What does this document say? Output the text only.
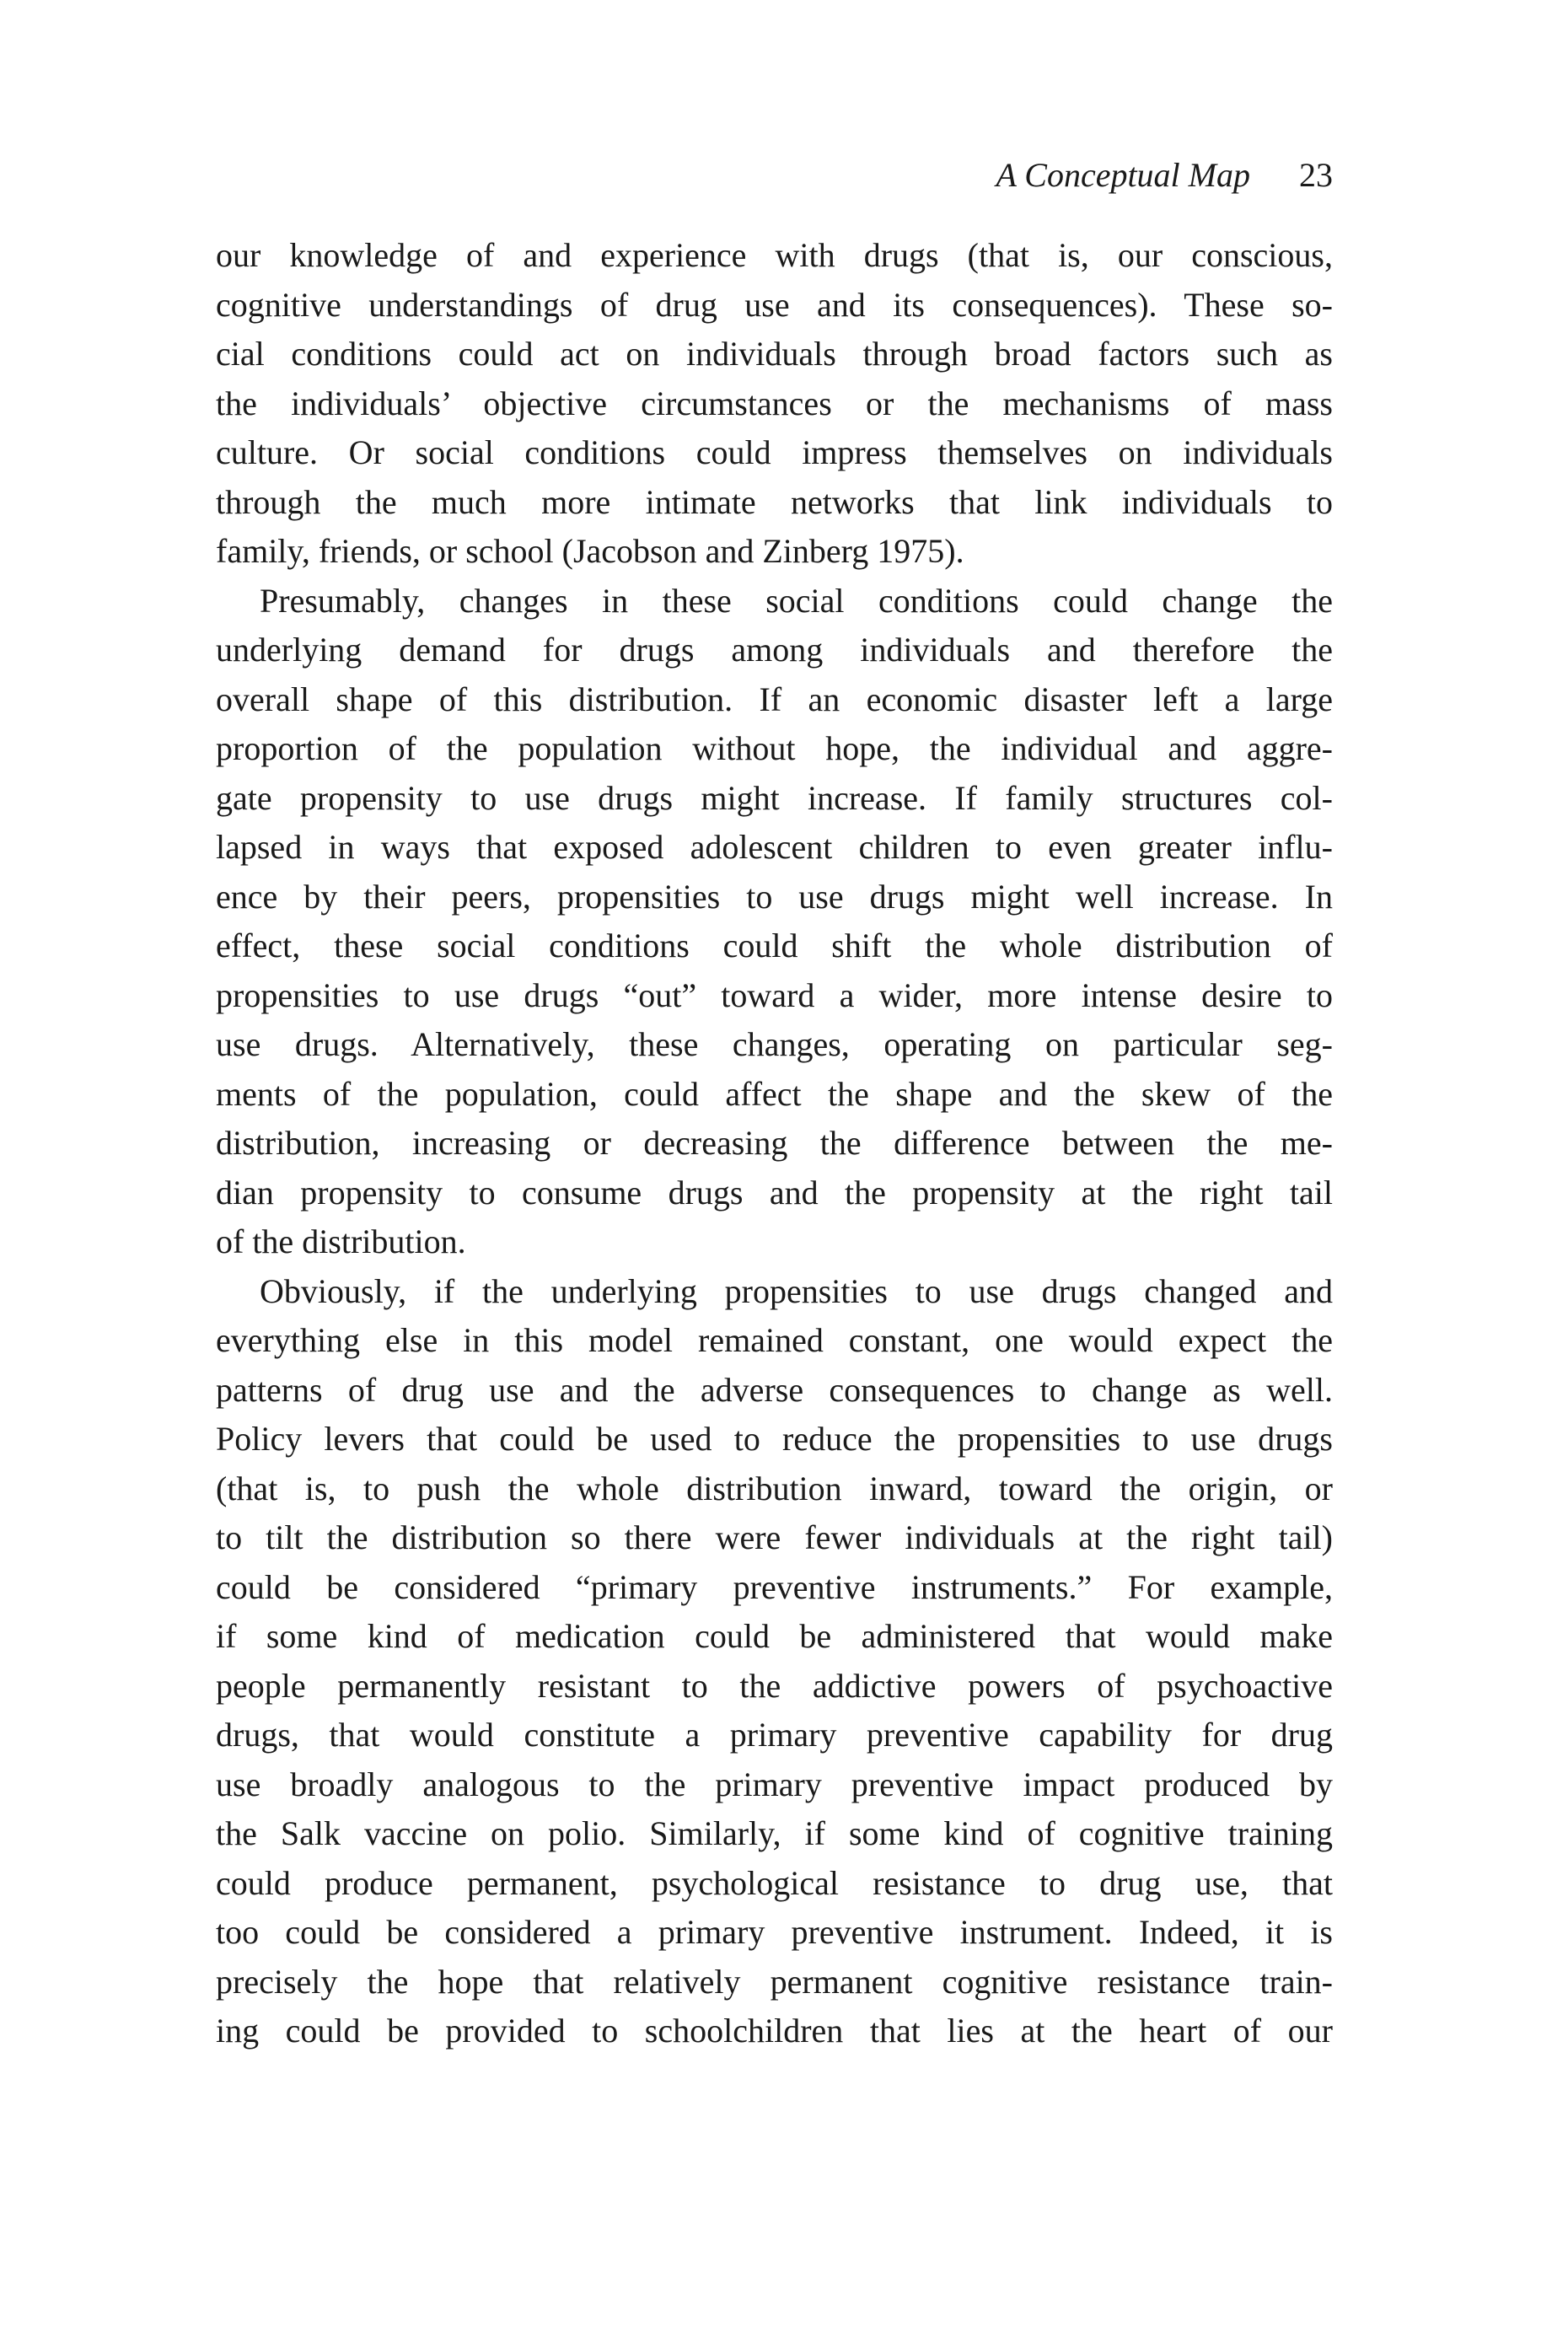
A Conceptual Map 23
our knowledge of and experience with drugs (that is, our conscious,
cognitive understandings of drug use and its consequences). These so-
cial conditions could act on individuals through broad factors such as
the individuals’ objective circumstances or the mechanisms of mass
culture. Or social conditions could impress themselves on individuals
through the much more intimate networks that link individuals to
family, friends, or school (Jacobson and Zinberg 1975).
Presumably, changes in these social conditions could change the
underlying demand for drugs among individuals and therefore the
overall shape of this distribution. If an economic disaster left a large
proportion of the population without hope, the individual and aggre-
gate propensity to use drugs might increase. If family structures col-
lapsed in ways that exposed adolescent children to even greater influ-
ence by their peers, propensities to use drugs might well increase. In
effect, these social conditions could shift the whole distribution of
propensities to use drugs “out” toward a wider, more intense desire to
use drugs. Alternatively, these changes, operating on particular seg-
ments of the population, could affect the shape and the skew of the
distribution, increasing or decreasing the difference between the me-
dian propensity to consume drugs and the propensity at the right tail
of the distribution.
Obviously, if the underlying propensities to use drugs changed and
everything else in this model remained constant, one would expect the
patterns of drug use and the adverse consequences to change as well.
Policy levers that could be used to reduce the propensities to use drugs
(that is, to push the whole distribution inward, toward the origin, or
to tilt the distribution so there were fewer individuals at the right tail)
could be considered “primary preventive instruments.” For example,
if some kind of medication could be administered that would make
people permanently resistant to the addictive powers of psychoactive
drugs, that would constitute a primary preventive capability for drug
use broadly analogous to the primary preventive impact produced by
the Salk vaccine on polio. Similarly, if some kind of cognitive training
could produce permanent, psychological resistance to drug use, that
too could be considered a primary preventive instrument. Indeed, it is
precisely the hope that relatively permanent cognitive resistance train-
ing could be provided to schoolchildren that lies at the heart of our
